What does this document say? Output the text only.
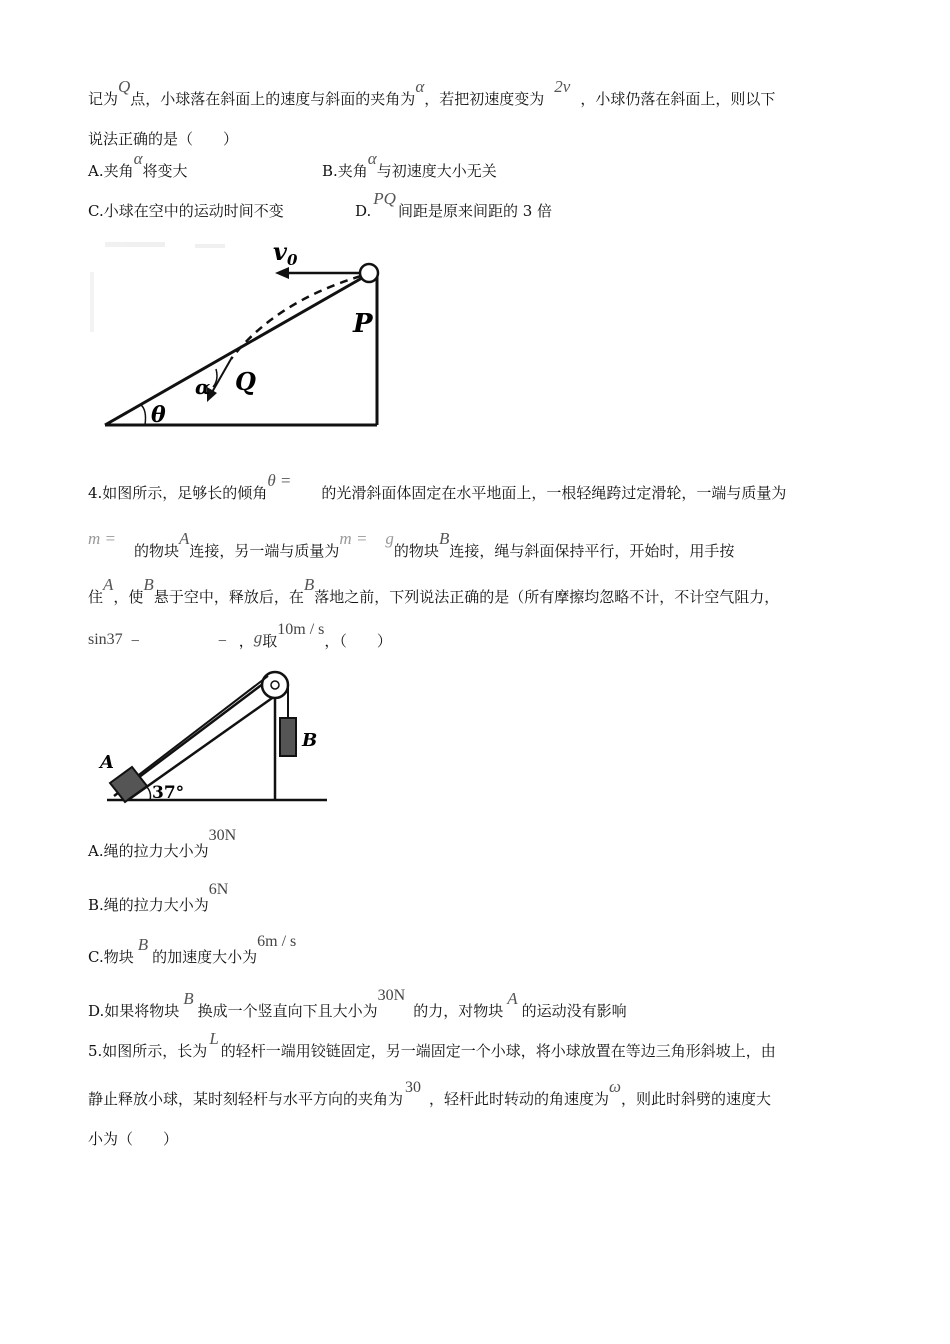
记为Q点，小球落在斜面上的速度与斜面的夹角为α，若把初速度变为2v，小球仍落在斜面上，则以下
说法正确的是（　　）
A.夹角α将变大	B.夹角α与初速度大小无关
C.小球在空中的运动时间不变	D.PQ间距是原来间距的 3 倍
$v_0$
α Q
P
θ
4.如图所示，足够长的倾角θ =的光滑斜面体固定在水平地面上，一根轻绳跨过定滑轮，一端与质量为
m =的物块A连接，另一端与质量为m = g的物块B连接，绳与斜面保持平行，开始时，用手按
住A，使B悬于空中，释放后，在B落地之前，下列说法正确的是（所有摩擦均忽略不计，不计空气阻力，
sin37 −	− ，g取10m / s，（　　）
B
A
37°
A.绳的拉力大小为30N
B.绳的拉力大小为6N
C.物块B的加速度大小为6m / s
D.如果将物块B换成一个竖直向下且大小为30N的力，对物块A的运动没有影响
5.如图所示，长为L的轻杆一端用铰链固定，另一端固定一个小球，将小球放置在等边三角形斜坡上，由
静止释放小球，某时刻轻杆与水平方向的夹角为30，轻杆此时转动的角速度为ω，则此时斜劈的速度大
小为（　　）
